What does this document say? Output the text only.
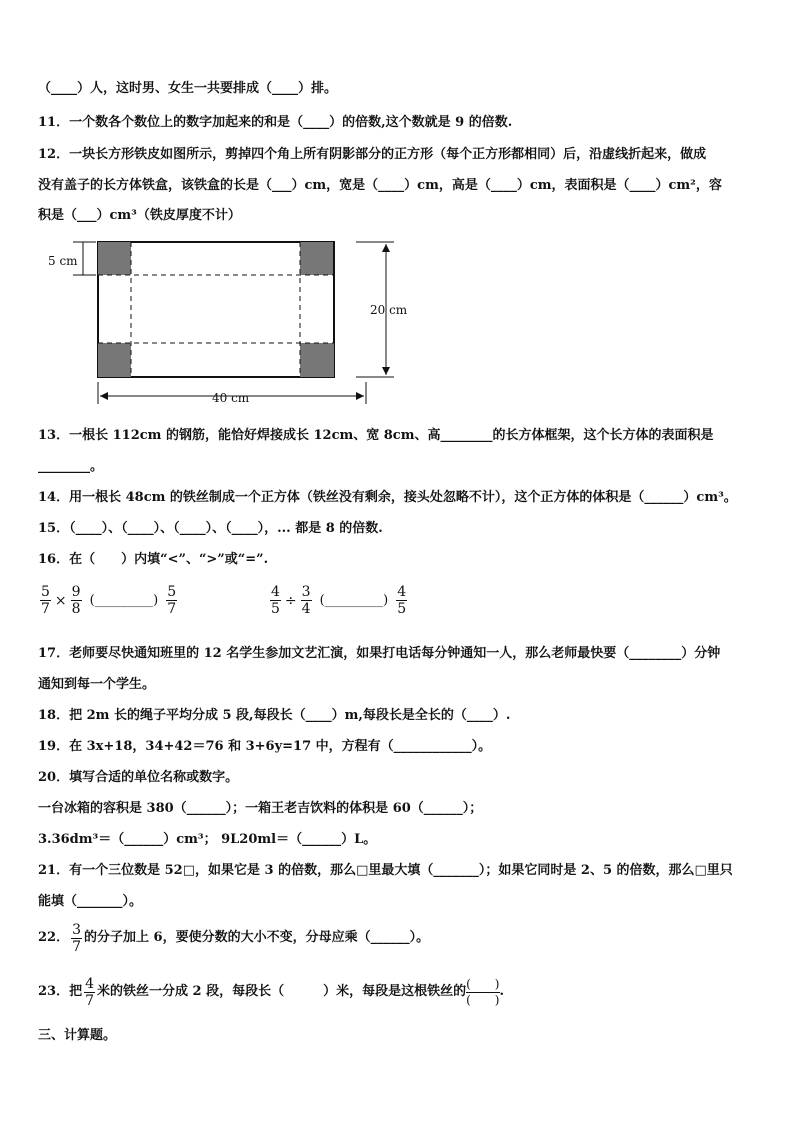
（____）人，这时男、女生一共要排成（____）排。
11．一个数各个数位上的数字加起来的和是（____）的倍数,这个数就是 9 的倍数.
12．一块长方形铁皮如图所示，剪掉四个角上所有阴影部分的正方形（每个正方形都相同）后，沿虚线折起来，做成
没有盖子的长方体铁盒，该铁盒的长是（___）cm，宽是（____）cm，高是（____）cm，表面积是（____）cm²，容
积是（___）cm³（铁皮厚度不计）
5 cm
20 cm
40 cm
13．一根长 112cm 的钢筋，能恰好焊接成长 12cm、宽 8cm、高________的长方体框架，这个长方体的表面积是
________。
14．用一根长 48cm 的铁丝制成一个正方体（铁丝没有剩余，接头处忽略不计），这个正方体的体积是（______）cm³。
15．（____）、（____）、（____）、（____），... 都是 8 的倍数.
16．在（　　）内填“<”、“>”或“=”.
$\frac{5}{7} \times \frac{9}{8}$ (_________) $\frac{5}{7}$	$\frac{4}{5} \div \frac{3}{4}$ (_________) $\frac{4}{5}$
17．老师要尽快通知班里的 12 名学生参加文艺汇演，如果打电话每分钟通知一人，那么老师最快要（________）分钟
通知到每一个学生。
18．把 2m 长的绳子平均分成 5 段,每段长（____）m,每段长是全长的（____）.
19．在 3x+18，34+42＝76 和 3+6y=17 中，方程有（____________）。
20．填写合适的单位名称或数字。
一台冰箱的容积是 380（______）；一箱王老吉饮料的体积是 60（______）；
3.36dm³＝（______）cm³； 9L20ml＝（______）L。
21．有一个三位数是 52□，如果它是 3 的倍数，那么□里最大填（_______）；如果它同时是 2、5 的倍数，那么□里只
能填（_______）。
22． $\frac{3}{7}$ 的分子加上 6，要使分数的大小不变，分母应乘（______）。
23．把 $\frac{4}{7}$ 米的铁丝一分成 2 段，每段长（　　　）米，每段是这根铁丝的 $\frac{( )}{( )}$ .
三、计算题。
